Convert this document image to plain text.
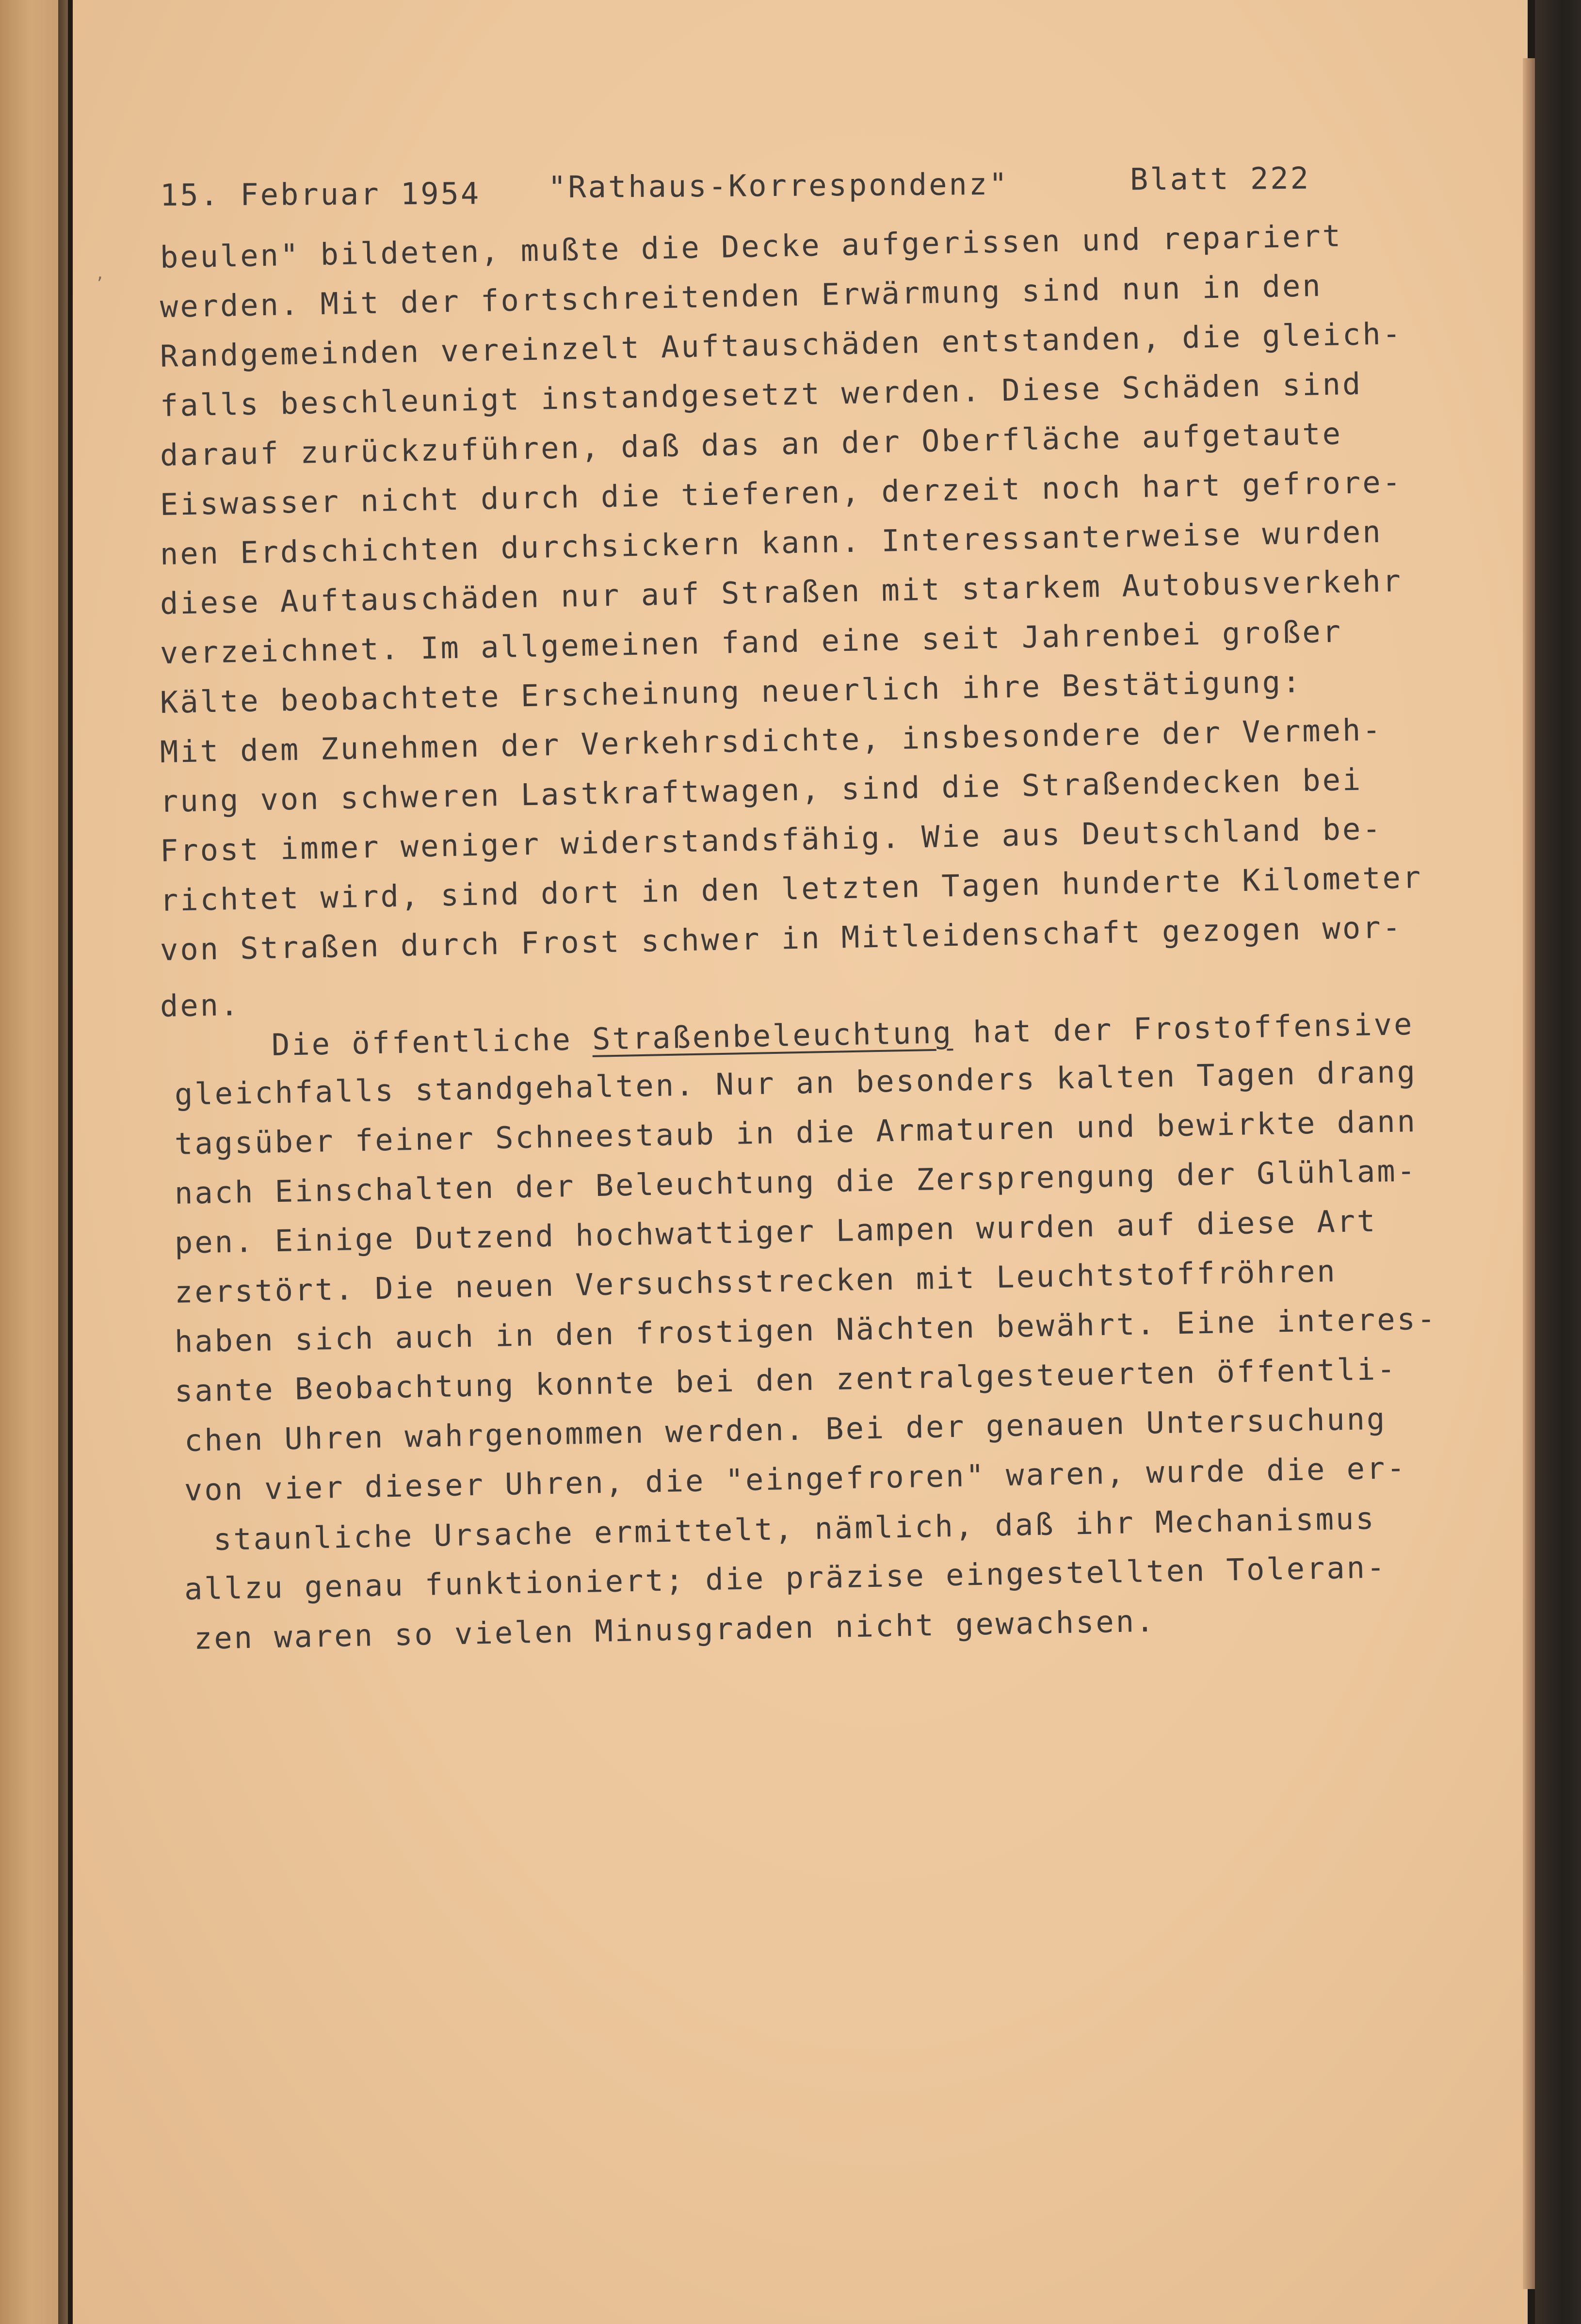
,
15. Februar 1954 "Rathaus-Korrespondenz"	Blatt 222
beulen" bildeten, mußte die Decke aufgerissen und repariert
werden. Mit der fortschreitenden Erwärmung sind nun in den
Randgemeinden vereinzelt Auftauschäden entstanden, die gleich-
falls beschleunigt instandgesetzt werden. Diese Schäden sind
darauf zurückzuführen, daß das an der Oberfläche aufgetaute
Eiswasser nicht durch die tieferen, derzeit noch hart gefrore-
nen Erdschichten durchsickern kann. Interessanterweise wurden
diese Auftauschäden nur auf Straßen mit starkem Autobusverkehr
verzeichnet. Im allgemeinen fand eine seit Jahrenbei großer
Kälte beobachtete Erscheinung neuerlich ihre Bestätigung:
Mit dem Zunehmen der Verkehrsdichte, insbesondere der Vermeh-
rung von schweren Lastkraftwagen, sind die Straßendecken bei
Frost immer weniger widerstandsfähig. Wie aus Deutschland be-
richtet wird, sind dort in den letzten Tagen hunderte Kilometer
von Straßen durch Frost schwer in Mitleidenschaft gezogen wor-
den.
Die öffentliche Straßenbeleuchtung hat der Frostoffensive
gleichfalls standgehalten. Nur an besonders kalten Tagen drang
tagsüber feiner Schneestaub in die Armaturen und bewirkte dann
nach Einschalten der Beleuchtung die Zersprengung der Glühlam-
pen. Einige Dutzend hochwattiger Lampen wurden auf diese Art
zerstört. Die neuen Versuchsstrecken mit Leuchtstoffröhren
haben sich auch in den frostigen Nächten bewährt. Eine interes-
sante Beobachtung konnte bei den zentralgesteuerten öffentli-
chen Uhren wahrgenommen werden. Bei der genauen Untersuchung
von vier dieser Uhren, die "eingefroren" waren, wurde die er-
staunliche Ursache ermittelt, nämlich, daß ihr Mechanismus
allzu genau funktioniert; die präzise eingestellten Toleran-
zen waren so vielen Minusgraden nicht gewachsen.
